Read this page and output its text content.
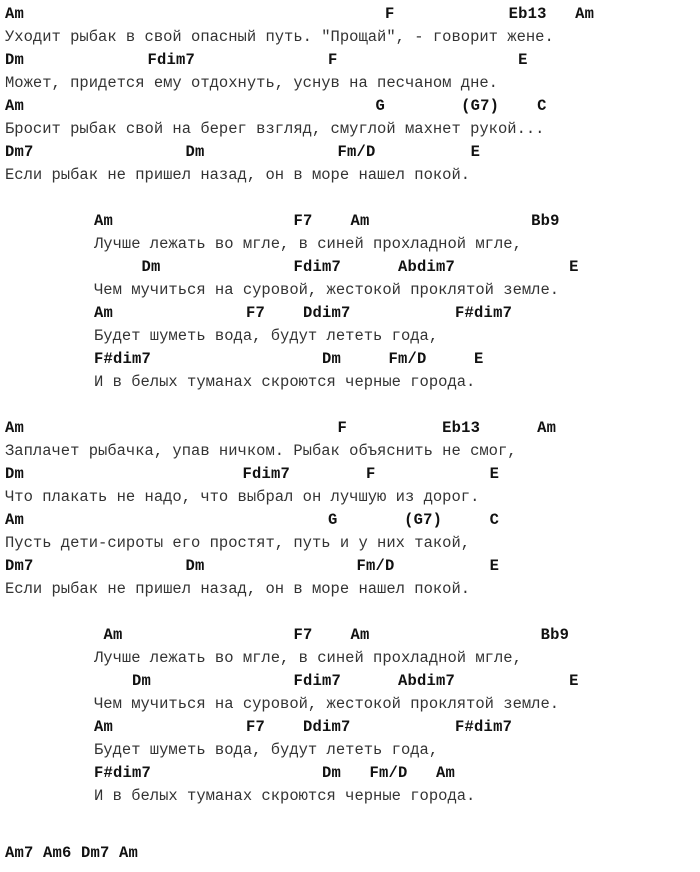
Am                                      F            Eb13   Am
Уходит рыбак в свой опасный путь. "Прощай", - говорит жене.
Dm             Fdim7              F                   E
Может, придется ему отдохнуть, уснув на песчаном дне.
Am                                     G        (G7)    C
Бросит рыбак свой на берег взгляд, смуглой махнет рукой...
Dm7                Dm              Fm/D          E
Если рыбак не пришел назад, он в море нашел покой.
Am                   F7    Am                 Bb9
Лучше лежать во мгле, в синей прохладной мгле,
Dm              Fdim7      Abdim7            E
Чем мучиться на суровой, жестокой проклятой земле.
Am              F7    Ddim7           F#dim7
Будет шуметь вода, будут лететь года,
F#dim7                  Dm     Fm/D     E
И в белых туманах скроются черные города.
Am                                 F          Eb13      Am
Заплачет рыбачка, упав ничком. Рыбак объяснить не смог,
Dm                       Fdim7        F            E
Что плакать не надо, что выбрал он лучшую из дорог.
Am                                G       (G7)     C
Пусть дети-сироты его простят, путь и у них такой,
Dm7                Dm                Fm/D          E
Если рыбак не пришел назад, он в море нашел покой.
Am                  F7    Am                  Bb9
Лучше лежать во мгле, в синей прохладной мгле,
Dm               Fdim7      Abdim7            E
Чем мучиться на суровой, жестокой проклятой земле.
Am              F7    Ddim7           F#dim7
Будет шуметь вода, будут лететь года,
F#dim7                  Dm   Fm/D   Am
И в белых туманах скроются черные города.
Am7 Am6 Dm7 Am
